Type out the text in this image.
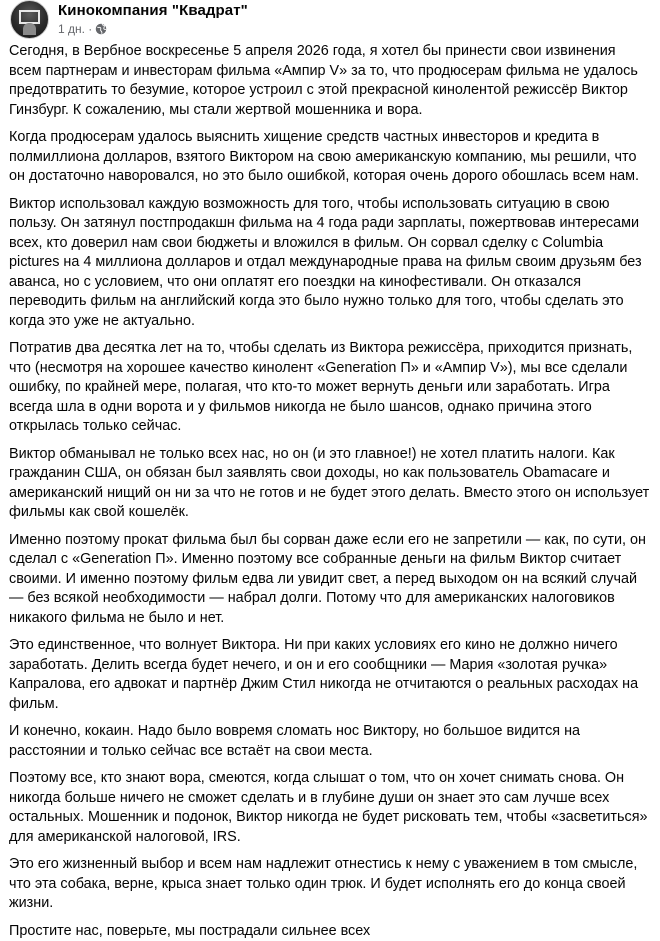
Кинокомпания "Квадрат"
1 дн. ·

Сегодня, в Вербное воскресенье 5 апреля 2026 года, я хотел бы принести свои извинения всем партнерам и инвесторам фильма «Ампир V» за то, что продюсерам фильма не удалось предотвратить то безумие, которое устроил с этой прекрасной кинолентой режиссёр Виктор Гинзбург. К сожалению, мы стали жертвой мошенника и вора.

Когда продюсерам удалось выяснить хищение средств частных инвесторов и кредита в полмиллиона долларов, взятого Виктором на свою американскую компанию, мы решили, что он достаточно наворовался, но это было ошибкой, которая очень дорого обошлась всем нам.

Виктор использовал каждую возможность для того, чтобы использовать ситуацию в свою пользу. Он затянул постпродакшн фильма на 4 года ради зарплаты, пожертвовав интересами всех, кто доверил нам свои бюджеты и вложился в фильм. Он сорвал сделку с Columbia pictures на 4 миллиона долларов и отдал международные права на фильм своим друзьям без аванса, но с условием, что они оплатят его поездки на кинофестивали. Он отказался переводить фильм на английский когда это было нужно только для того, чтобы сделать это когда это уже не актуально.

Потратив два десятка лет на то, чтобы сделать из Виктора режиссёра, приходится признать, что (несмотря на хорошее качество кинолент «Generation П» и «Ампир V»), мы все сделали ошибку, по крайней мере, полагая, что кто-то может вернуть деньги или заработать. Игра всегда шла в одни ворота и у фильмов никогда не было шансов, однако причина этого открылась только сейчас.

Виктор обманывал не только всех нас, но он (и это главное!) не хотел платить налоги. Как гражданин США, он обязан был заявлять свои доходы, но как пользователь Obamacare и американский нищий он ни за что не готов и не будет этого делать. Вместо этого он использует фильмы как свой кошелёк.

Именно поэтому прокат фильма был бы сорван даже если его не запретили — как, по сути, он сделал с «Generation П». Именно поэтому все собранные деньги на фильм Виктор считает своими. И именно поэтому фильм едва ли увидит свет, а перед выходом он на всякий случай — без всякой необходимости — набрал долги. Потому что для американских налоговиков никакого фильма не было и нет.

Это единственное, что волнует Виктора. Ни при каких условиях его кино не должно ничего заработать. Делить всегда будет нечего, и он и его сообщники — Мария «золотая ручка» Капралова, его адвокат и партнёр Джим Стил никогда не отчитаются о реальных расходах на фильм.

И конечно, кокаин. Надо было вовремя сломать нос Виктору, но большое видится на расстоянии и только сейчас все встаёт на свои места.

Поэтому все, кто знают вора, смеются, когда слышат о том, что он хочет снимать снова. Он никогда больше ничего не сможет сделать и в глубине души он знает это сам лучше всех остальных. Мошенник и подонок, Виктор никогда не будет рисковать тем, чтобы «засветиться» для американской налоговой, IRS.

Это его жизненный выбор и всем нам надлежит отнестись к нему с уважением в том смысле, что эта собака, верне, крыса знает только один трюк. И будет исполнять его до конца своей жизни.

Простите нас, поверьте, мы пострадали сильнее всех
